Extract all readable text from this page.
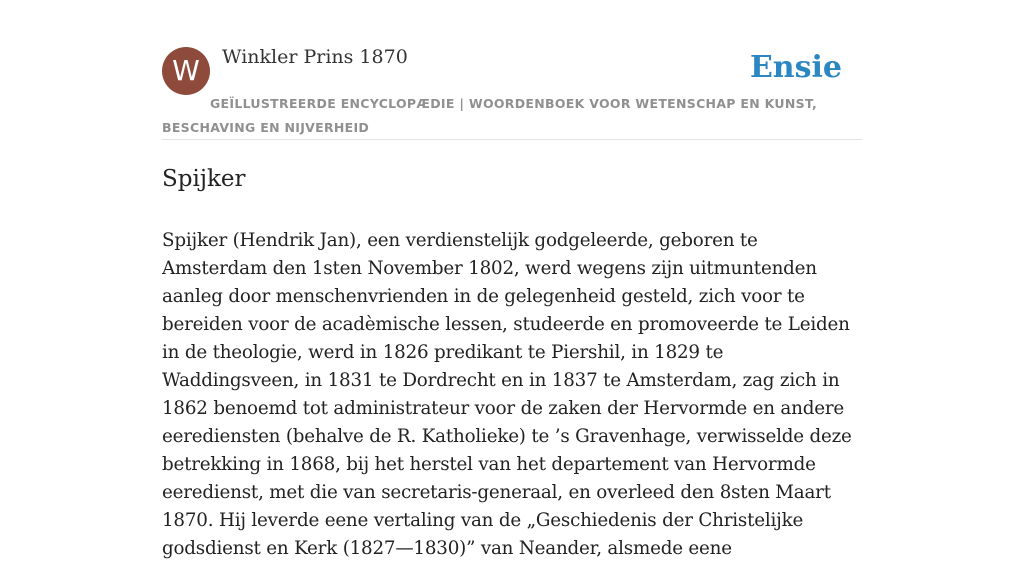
W Winkler Prins 1870	Ensie
GEÏLLUSTREERDE ENCYCLOPÆDIE | WOORDENBOEK VOOR WETENSCHAP EN KUNST, BESCHAVING EN NIJVERHEID
Spijker

Spijker (Hendrik Jan), een verdienstelijk godgeleerde, geboren te Amsterdam den 1sten November 1802, werd wegens zijn uitmuntenden aanleg door menschenvrienden in de gelegenheid gesteld, zich voor te bereiden voor de acadèmische lessen, studeerde en promoveerde te Leiden in de theologie, werd in 1826 predikant te Piershil, in 1829 te Waddingsveen, in 1831 te Dordrecht en in 1837 te Amsterdam, zag zich in 1862 benoemd tot administrateur voor de zaken der Hervormde en andere eerediensten (behalve de R. Katholieke) te ’s Gravenhage, verwisselde deze betrekking in 1868, bij het herstel van het departement van Hervormde eeredienst, met die van secretaris-generaal, en overleed den 8sten Maart 1870. Hij leverde eene vertaling van de „Geschiedenis der Christelijke godsdienst en Kerk (1827—1830)” van Neander, alsmede eene
